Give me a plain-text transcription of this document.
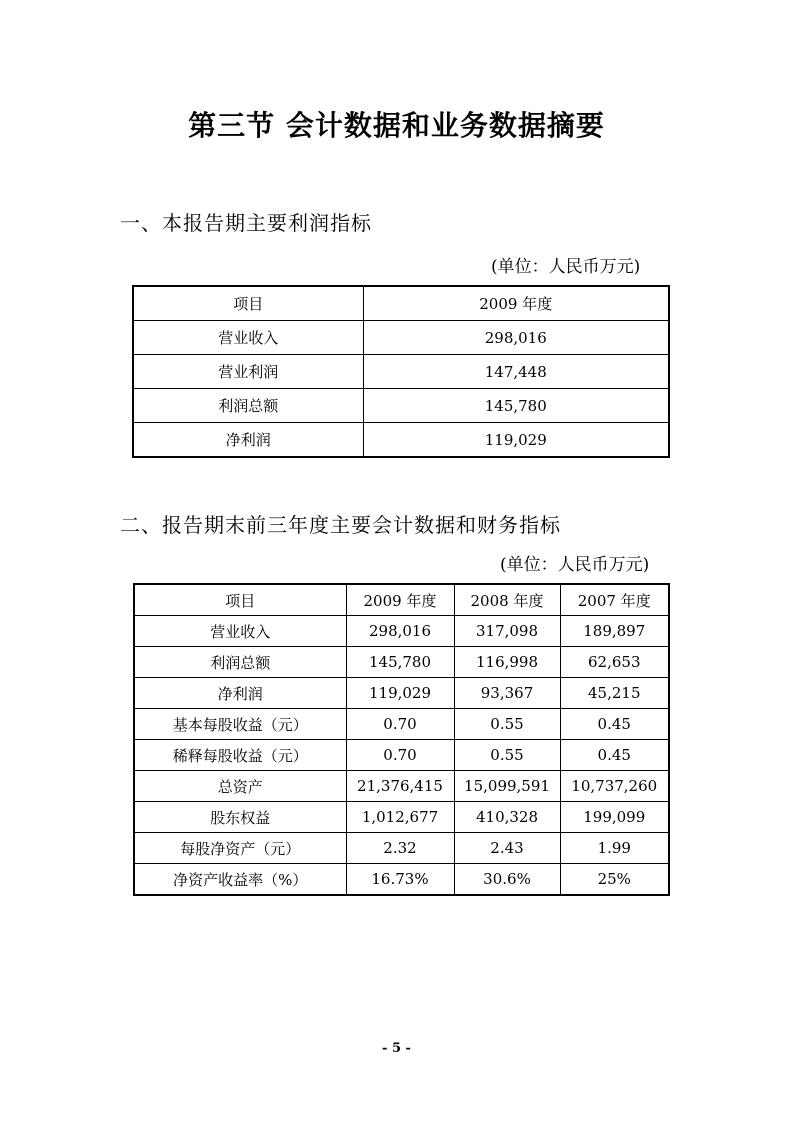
第三节 会计数据和业务数据摘要
一、本报告期主要利润指标
(单位：人民币万元)
项目	2009 年度
营业收入	298,016
营业利润	147,448
利润总额	145,780
净利润	119,029
二、报告期末前三年度主要会计数据和财务指标
(单位：人民币万元)
项目	2009 年度	2008 年度	2007 年度
营业收入	298,016	317,098	189,897
利润总额	145,780	116,998	62,653
净利润	119,029	93,367	45,215
基本每股收益（元）	0.70	0.55	0.45
稀释每股收益（元）	0.70	0.55	0.45
总资产	21,376,415	15,099,591	10,737,260
股东权益	1,012,677	410,328	199,099
每股净资产（元）	2.32	2.43	1.99
净资产收益率（%）	16.73%	30.6%	25%
- 5 -
